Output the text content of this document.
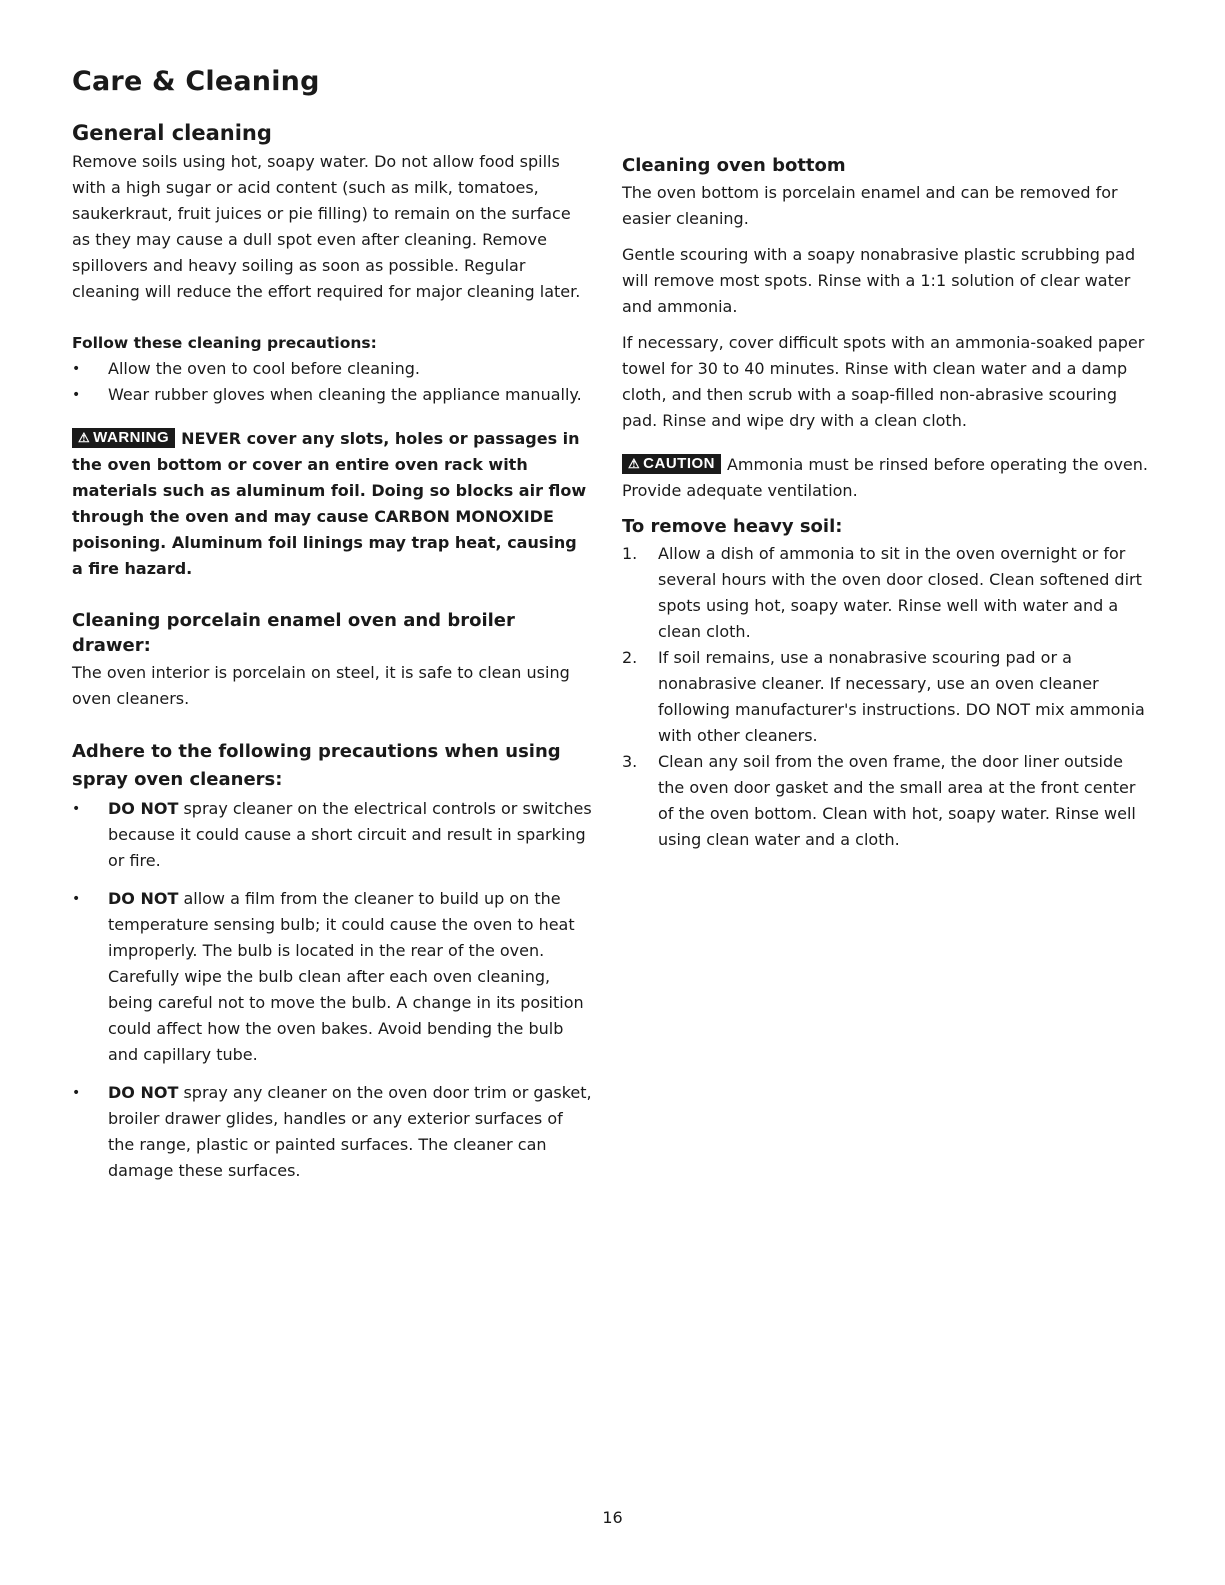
Care & Cleaning
General cleaning

Remove soils using hot, soapy water. Do not allow food spills with a high sugar or acid content (such as milk, tomatoes, saukerkraut, fruit juices or pie filling) to remain on the surface as they may cause a dull spot even after cleaning. Remove spillovers and heavy soiling as soon as possible. Regular cleaning will reduce the effort required for major cleaning later.

Follow these cleaning precautions:

• Allow the oven to cool before cleaning.
• Wear rubber gloves when cleaning the appliance manually.

⚠ WARNING NEVER cover any slots, holes or passages in the oven bottom or cover an entire oven rack with materials such as aluminum foil. Doing so blocks air flow through the oven and may cause CARBON MONOXIDE poisoning. Aluminum foil linings may trap heat, causing a fire hazard.

Cleaning porcelain enamel oven and broiler drawer:

The oven interior is porcelain on steel, it is safe to clean using oven cleaners.

Adhere to the following precautions when using spray oven cleaners:
• DO NOT spray cleaner on the electrical controls or switches because it could cause a short circuit and result in sparking or fire.
• DO NOT allow a film from the cleaner to build up on the temperature sensing bulb; it could cause the oven to heat improperly. The bulb is located in the rear of the oven. Carefully wipe the bulb clean after each oven cleaning, being careful not to move the bulb. A change in its position could affect how the oven bakes. Avoid bending the bulb and capillary tube.
• DO NOT spray any cleaner on the oven door trim or gasket, broiler drawer glides, handles or any exterior surfaces of the range, plastic or painted surfaces. The cleaner can damage these surfaces.
Cleaning oven bottom

The oven bottom is porcelain enamel and can be removed for easier cleaning.

Gentle scouring with a soapy nonabrasive plastic scrubbing pad will remove most spots. Rinse with a 1:1 solution of clear water and ammonia.

If necessary, cover difficult spots with an ammonia-soaked paper towel for 30 to 40 minutes. Rinse with clean water and a damp cloth, and then scrub with a soap-filled non-abrasive scouring pad. Rinse and wipe dry with a clean cloth.

⚠ CAUTION Ammonia must be rinsed before operating the oven. Provide adequate ventilation.

To remove heavy soil:
1. Allow a dish of ammonia to sit in the oven overnight or for several hours with the oven door closed. Clean softened dirt spots using hot, soapy water. Rinse well with water and a clean cloth.
2. If soil remains, use a nonabrasive scouring pad or a nonabrasive cleaner. If necessary, use an oven cleaner following manufacturer's instructions. DO NOT mix ammonia with other cleaners.
3. Clean any soil from the oven frame, the door liner outside the oven door gasket and the small area at the front center of the oven bottom. Clean with hot, soapy water. Rinse well using clean water and a cloth.
16
